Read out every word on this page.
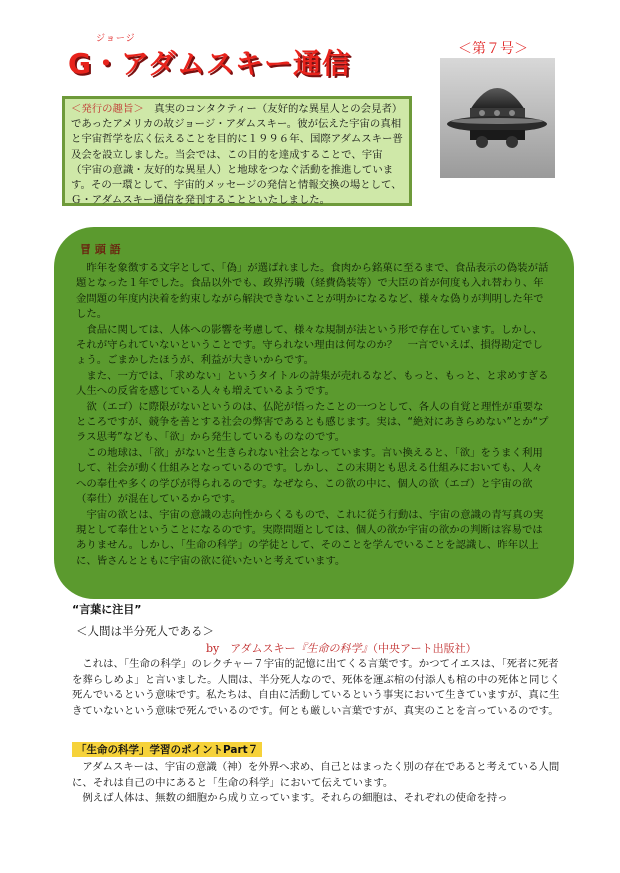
ジョージ
G・アダムスキー通信	＜第７号＞
＜発行の趣旨＞　真実のコンタクティー（友好的な異星人との会見者）であったアメリカの故ジョージ・アダムスキー。彼が伝えた宇宙の真相と宇宙哲学を広く伝えることを目的に１９９６年、国際アダムスキー普及会を設立しました。当会では、この目的を達成することで、宇宙（宇宙の意識・友好的な異星人）と地球をつなぐ活動を推進しています。その一環として、宇宙的メッセージの発信と情報交換の場として、Ｇ・アダムスキー通信を発刊することといたしました。
冒 頭 語

昨年を象徴する文字として、「偽」が選ばれました。食肉から銘菓に至るまで、食品表示の偽装が話題となった１年でした。食品以外でも、政界汚職（経費偽装等）で大臣の首が何度も入れ替わり、年金問題の年度内決着を約束しながら解決できないことが明かになるなど、様々な偽りが判明した年でした。

食品に関しては、人体への影響を考慮して、様々な規制が法という形で存在しています。しかし、それが守られていないということです。守られない理由は何なのか？　一言でいえば、損得勘定でしょう。ごまかしたほうが、利益が大きいからです。

また、一方では、「求めない」というタイトルの詩集が売れるなど、もっと、もっと、と求めすぎる人生への反省を感じている人々も増えているようです。

欲（エゴ）に際限がないというのは、仏陀が悟ったことの一つとして、各人の自覚と理性が重要なところですが、競争を善とする社会の弊害であるとも感じます。実は、“絶対にあきらめない”とか“プラス思考”なども、「欲」から発生しているものなのです。

この地球は、「欲」がないと生きられない社会となっています。言い換えると、「欲」をうまく利用して、社会が動く仕組みとなっているのです。しかし、この末期とも思える仕組みにおいても、人々への奉仕や多くの学びが得られるのです。なぜなら、この欲の中に、個人の欲（エゴ）と宇宙の欲（奉仕）が混在しているからです。

宇宙の欲とは、宇宙の意識の志向性からくるもので、これに従う行動は、宇宙の意識の青写真の実現として奉仕ということになるのです。実際問題としては、個人の欲か宇宙の欲かの判断は容易ではありません。しかし、「生命の科学」の学徒として、そのことを学んでいることを認識し、昨年以上に、皆さんとともに宇宙の欲に従いたいと考えています。

“言葉に注目”
＜人間は半分死人である＞
by　アダムスキー『生命の科学』（中央アート出版社）

これは、「生命の科学」のレクチャー７宇宙的記憶に出てくる言葉です。かつてイエスは、「死者に死者を葬らしめよ」と言いました。人間は、半分死人なので、死体を運ぶ棺の付添人も棺の中の死体と同じく死んでいるという意味です。私たちは、自由に活動しているという事実において生きていますが、真に生きていないという意味で死んでいるのです。何とも厳しい言葉ですが、真実のことを言っているのです。

「生命の科学」学習のポイントPart７

アダムスキーは、宇宙の意識（神）を外界へ求め、自己とはまったく別の存在であると考えている人間に、それは自己の中にあると「生命の科学」において伝えています。

例えば人体は、無数の細胞から成り立っています。それらの細胞は、それぞれの使命を持っ
